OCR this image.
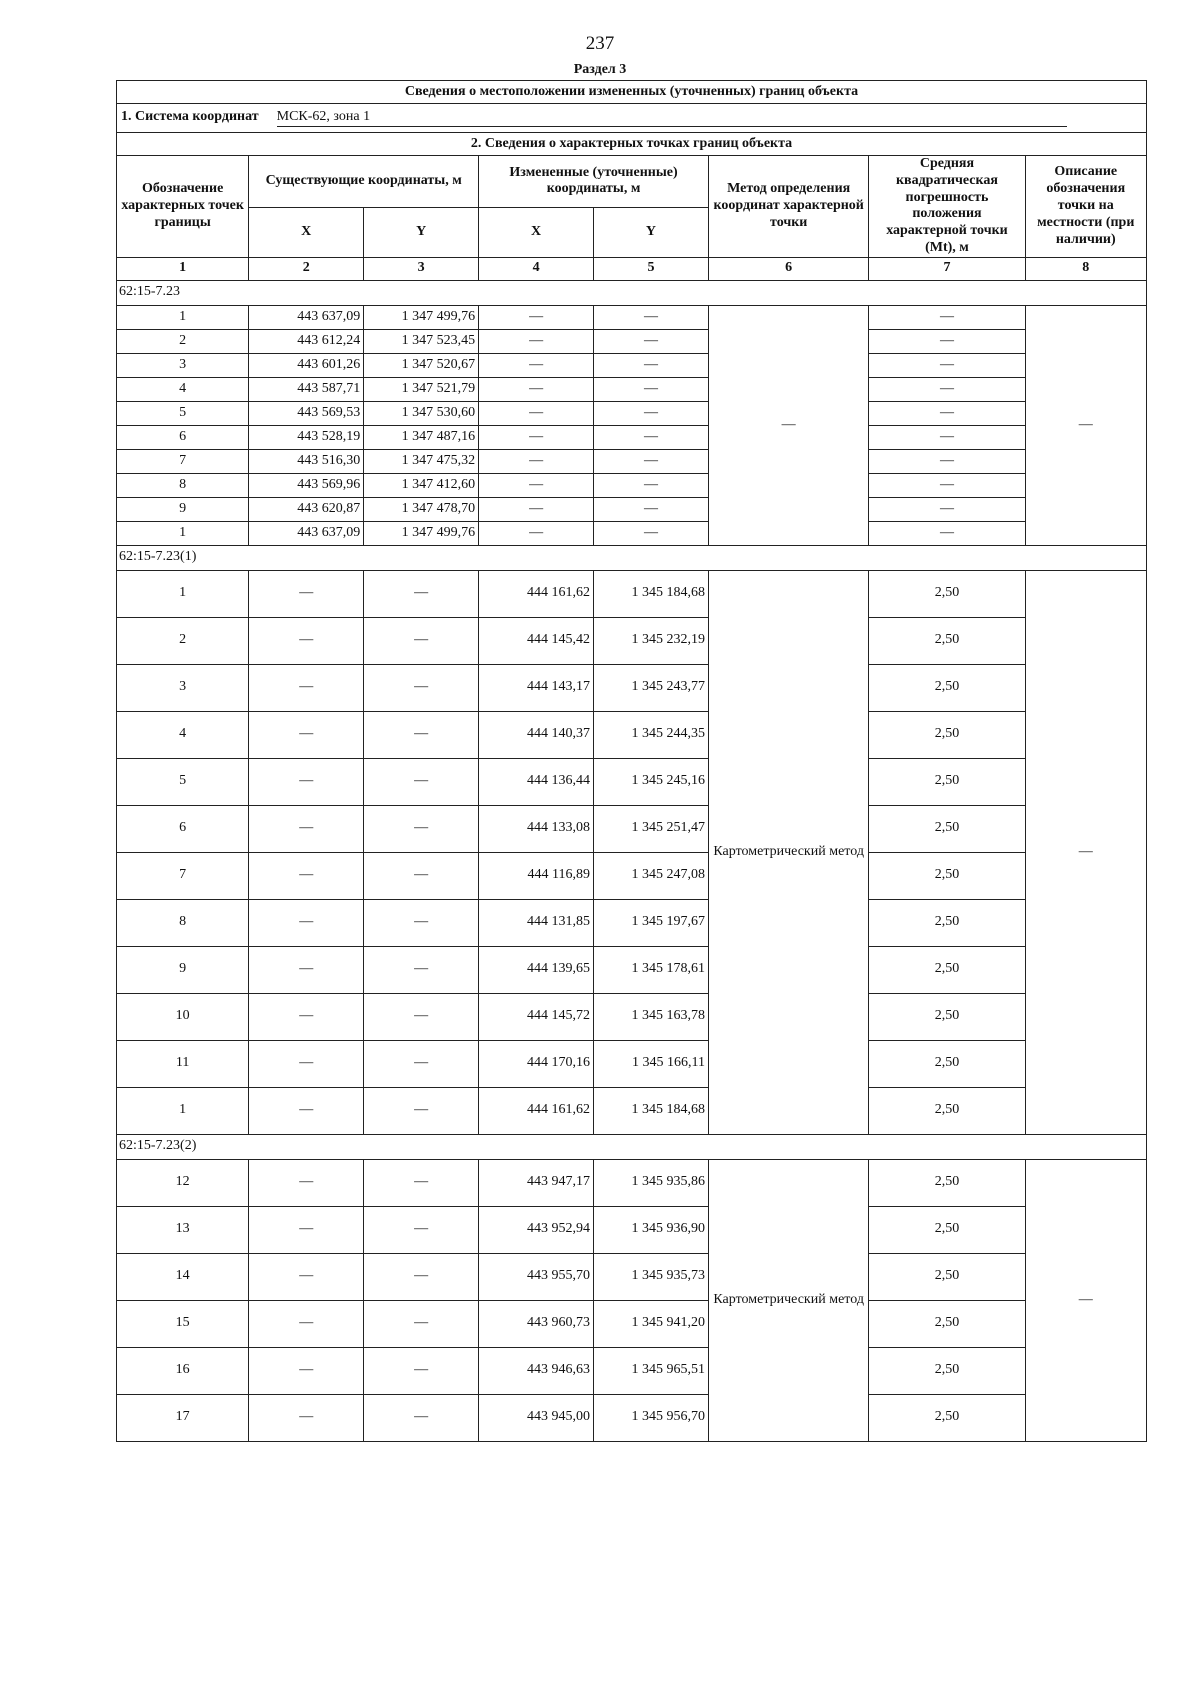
237
Раздел 3
Сведения о местоположении измененных (уточненных) границ объекта							
1. Система координат МСК-62, зона 1							
2. Сведения о характерных точках границ объекта							
Обозначение характерных точек границы	Существующие координаты, м		Измененные (уточненные) координаты, м		Метод определения координат характерной точки	Средняя квадратическая погрешность положения характерной точки (Mt), м	Описание обозначения точки на местности (при наличии)

	X	Y	X	Y			
1	2	3	4	5	6	7	8
62:15-7.23							
1	443 637,09	1 347 499,76	—	—	—	—	—
2	443 612,24	1 347 523,45	—	—		—	
3	443 601,26	1 347 520,67	—	—		—	
4	443 587,71	1 347 521,79	—	—		—	
5	443 569,53	1 347 530,60	—	—		—	
6	443 528,19	1 347 487,16	—	—		—	
7	443 516,30	1 347 475,32	—	—		—	
8	443 569,96	1 347 412,60	—	—		—	
9	443 620,87	1 347 478,70	—	—		—	
1	443 637,09	1 347 499,76	—	—		—	
62:15-7.23(1)							
1	—	—	444 161,62	1 345 184,68	Картометрический метод	2,50	—
2	—	—	444 145,42	1 345 232,19		2,50	
3	—	—	444 143,17	1 345 243,77		2,50	
4	—	—	444 140,37	1 345 244,35		2,50	
5	—	—	444 136,44	1 345 245,16		2,50	
6	—	—	444 133,08	1 345 251,47		2,50	
7	—	—	444 116,89	1 345 247,08		2,50	
8	—	—	444 131,85	1 345 197,67		2,50	
9	—	—	444 139,65	1 345 178,61		2,50	
10	—	—	444 145,72	1 345 163,78		2,50	
11	—	—	444 170,16	1 345 166,11		2,50	
1	—	—	444 161,62	1 345 184,68		2,50	
62:15-7.23(2)							
12	—	—	443 947,17	1 345 935,86	Картометрический метод	2,50	—
13	—	—	443 952,94	1 345 936,90		2,50	
14	—	—	443 955,70	1 345 935,73		2,50	
15	—	—	443 960,73	1 345 941,20		2,50	
16	—	—	443 946,63	1 345 965,51		2,50	
17	—	—	443 945,00	1 345 956,70		2,50	
